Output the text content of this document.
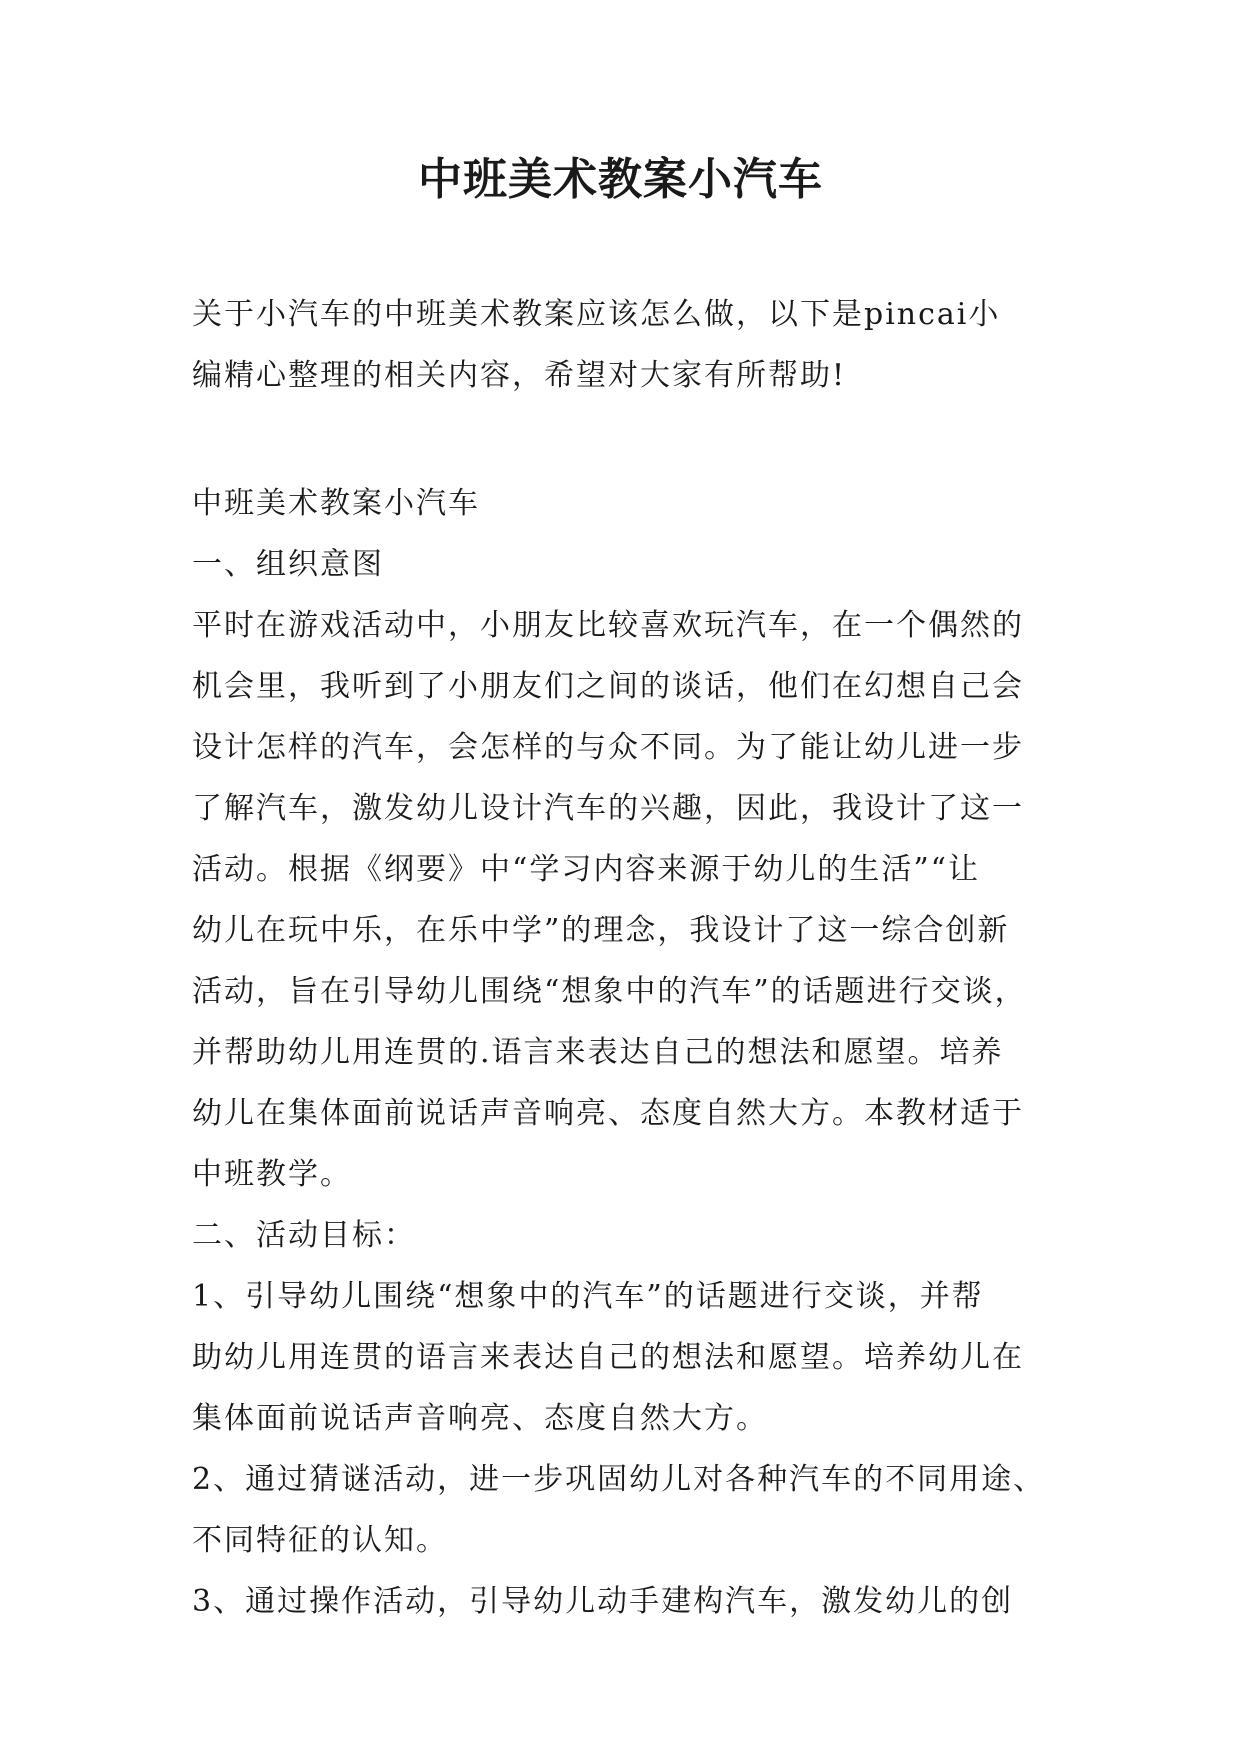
中班美术教案小汽车

关于小汽车的中班美术教案应该怎么做，以下是pincai小

编精心整理的相关内容，希望对大家有所帮助!

中班美术教案小汽车

一、组织意图

平时在游戏活动中，小朋友比较喜欢玩汽车，在一个偶然的

机会里，我听到了小朋友们之间的谈话，他们在幻想自己会

设计怎样的汽车，会怎样的与众不同。为了能让幼儿进一步

了解汽车，激发幼儿设计汽车的兴趣，因此，我设计了这一

活动。根据《纲要》中“学习内容来源于幼儿的生活”“让

幼儿在玩中乐，在乐中学”的理念，我设计了这一综合创新

活动，旨在引导幼儿围绕“想象中的汽车”的话题进行交谈，

并帮助幼儿用连贯的.语言来表达自己的想法和愿望。培养

幼儿在集体面前说话声音响亮、态度自然大方。本教材适于

中班教学。

二、活动目标：

1、引导幼儿围绕“想象中的汽车”的话题进行交谈，并帮

助幼儿用连贯的语言来表达自己的想法和愿望。培养幼儿在

集体面前说话声音响亮、态度自然大方。

2、通过猜谜活动，进一步巩固幼儿对各种汽车的不同用途、

不同特征的认知。

3、通过操作活动，引导幼儿动手建构汽车，激发幼儿的创
